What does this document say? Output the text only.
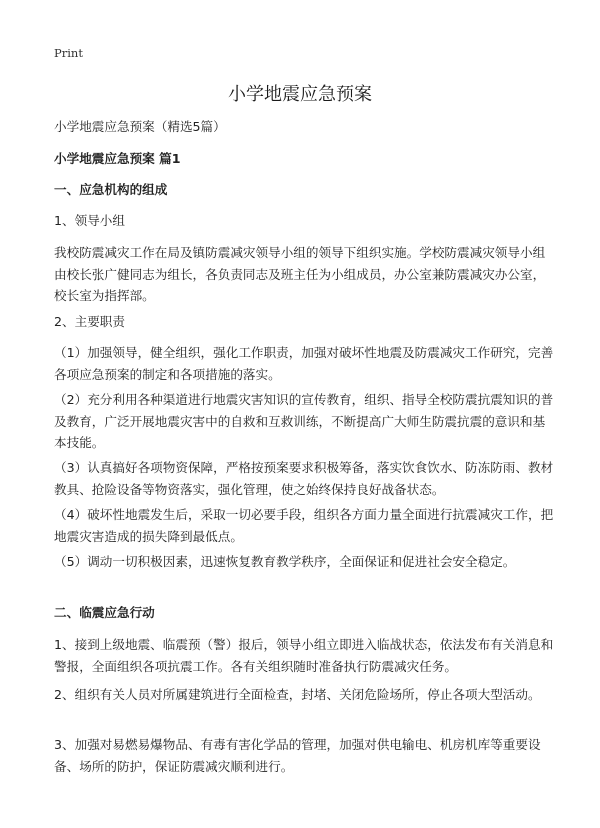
Print
小学地震应急预案

小学地震应急预案（精选5篇）

小学地震应急预案 篇1

一、应急机构的组成

1、领导小组

我校防震减灾工作在局及镇防震减灾领导小组的领导下组织实施。学校防震减灾领导小组由校长张广健同志为组长，各负责同志及班主任为小组成员，办公室兼防震减灾办公室，校长室为指挥部。

2、主要职责

（1）加强领导，健全组织，强化工作职责，加强对破坏性地震及防震减灾工作研究，完善各项应急预案的制定和各项措施的落实。

（2）充分利用各种渠道进行地震灾害知识的宣传教育，组织、指导全校防震抗震知识的普及教育，广泛开展地震灾害中的自救和互救训练，不断提高广大师生防震抗震的意识和基本技能。

（3）认真搞好各项物资保障，严格按预案要求积极筹备，落实饮食饮水、防冻防雨、教材教具、抢险设备等物资落实，强化管理，使之始终保持良好战备状态。

（4）破坏性地震发生后，采取一切必要手段，组织各方面力量全面进行抗震减灾工作，把地震灾害造成的损失降到最低点。

（5）调动一切积极因素，迅速恢复教育教学秩序，全面保证和促进社会安全稳定。

二、临震应急行动

1、接到上级地震、临震预（警）报后，领导小组立即进入临战状态，依法发布有关消息和警报，全面组织各项抗震工作。各有关组织随时准备执行防震减灾任务。

2、组织有关人员对所属建筑进行全面检查，封堵、关闭危险场所，停止各项大型活动。

3、加强对易燃易爆物品、有毒有害化学品的管理，加强对供电输电、机房机库等重要设备、场所的防护，保证防震减灾顺利进行。
